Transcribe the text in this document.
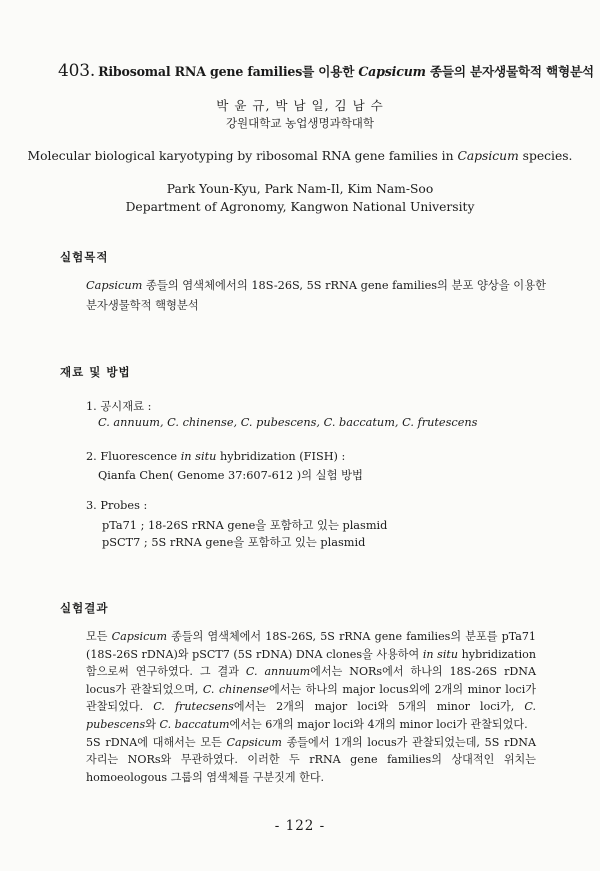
403. Ribosomal RNA gene families를 이용한 Capsicum 종들의 분자생물학적 핵형분석
박 윤 규, 박 남 일, 김 남 수
강원대학교 농업생명과학대학
Molecular biological karyotyping by ribosomal RNA gene families in Capsicum species.
Park Youn-Kyu, Park Nam-Il, Kim Nam-Soo
Department of Agronomy, Kangwon National University
실험목적
Capsicum 종들의 염색체에서의 18S-26S, 5S rRNA gene families의 분포 양상을 이용한
분자생물학적 핵형분석
재료 및 방법
1. 공시재료 :
C. annuum, C. chinense, C. pubescens, C. baccatum, C. frutescens
2. Fluorescence in situ hybridization (FISH) :
Qianfa Chen( Genome 37:607-612 )의 실험 방법
3. Probes :
pTa71 ; 18-26S rRNA gene을 포함하고 있는 plasmid
pSCT7 ; 5S rRNA gene을 포함하고 있는 plasmid
실험결과

모든 Capsicum 종들의 염색체에서 18S-26S, 5S rRNA gene families의 분포를 pTa71 (18S-26S rDNA)와 pSCT7 (5S rDNA) DNA clones을 사용하여 in situ hybridization함으로써 연구하였다. 그 결과 C. annuum에서는 NORs에서 하나의 18S-26S rDNA locus가 관찰되었으며, C. chinense에서는 하나의 major locus외에 2개의 minor loci가 관찰되었다. C. frutecsens에서는 2개의 major loci와 5개의 minor loci가, C. pubescens와 C. baccatum에서는 6개의 major loci와 4개의 minor loci가 관찰되었다.

5S rDNA에 대해서는 모든 Capsicum 종들에서 1개의 locus가 관찰되었는데, 5S rDNA 자리는 NORs와 무관하였다. 이러한 두 rRNA gene families의 상대적인 위치는 homoeologous 그룹의 염색체를 구분짓게 한다.

- 122 -
